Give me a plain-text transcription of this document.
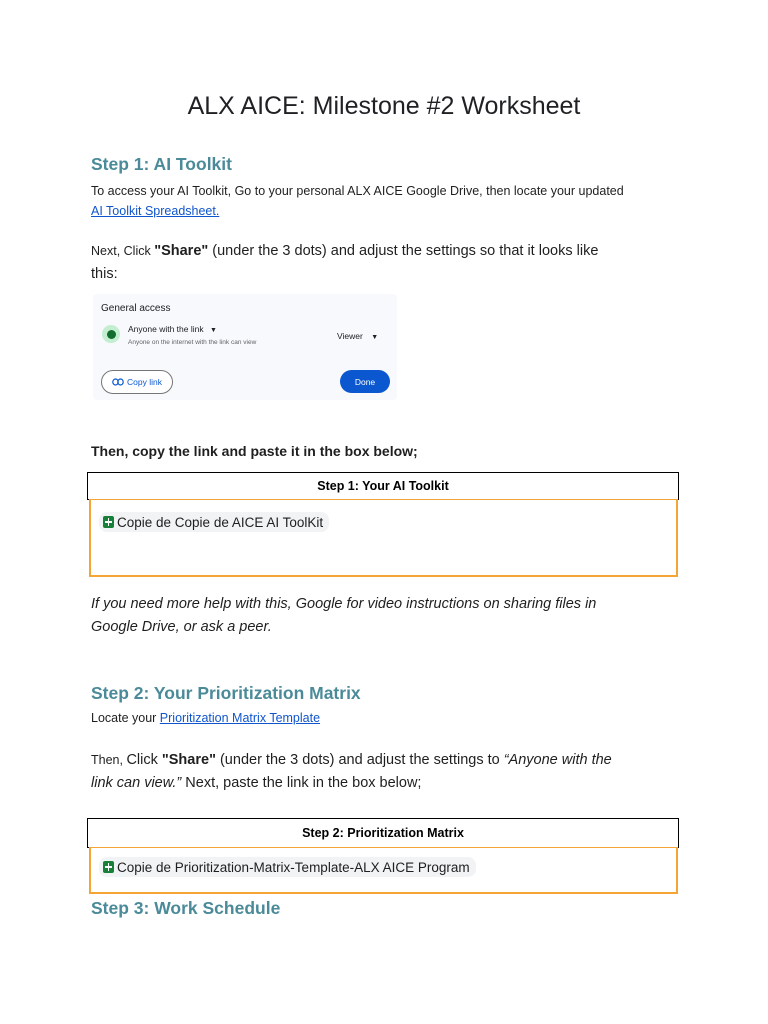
ALX AICE: Milestone #2 Worksheet
Step 1: AI Toolkit
To access your AI Toolkit, Go to your personal ALX AICE Google Drive, then locate your updated
AI Toolkit Spreadsheet.
Next, Click "Share" (under the 3 dots) and adjust the settings so that it looks like
this:
General access
Anyone with the link ▼
Anyone on the internet with the link can view
Viewer ▼
Copy link	Done
Then, copy the link and paste it in the box below;
Step 1: Your AI Toolkit
Copie de Copie de AICE AI ToolKit
If you need more help with this, Google for video instructions on sharing files in
Google Drive, or ask a peer.
Step 2: Your Prioritization Matrix
Locate your Prioritization Matrix Template
Then, Click "Share" (under the 3 dots) and adjust the settings to “Anyone with the
link can view.” Next, paste the link in the box below;
Step 2: Prioritization Matrix
Copie de Prioritization-Matrix-Template-ALX AICE Program
Step 3: Work Schedule
